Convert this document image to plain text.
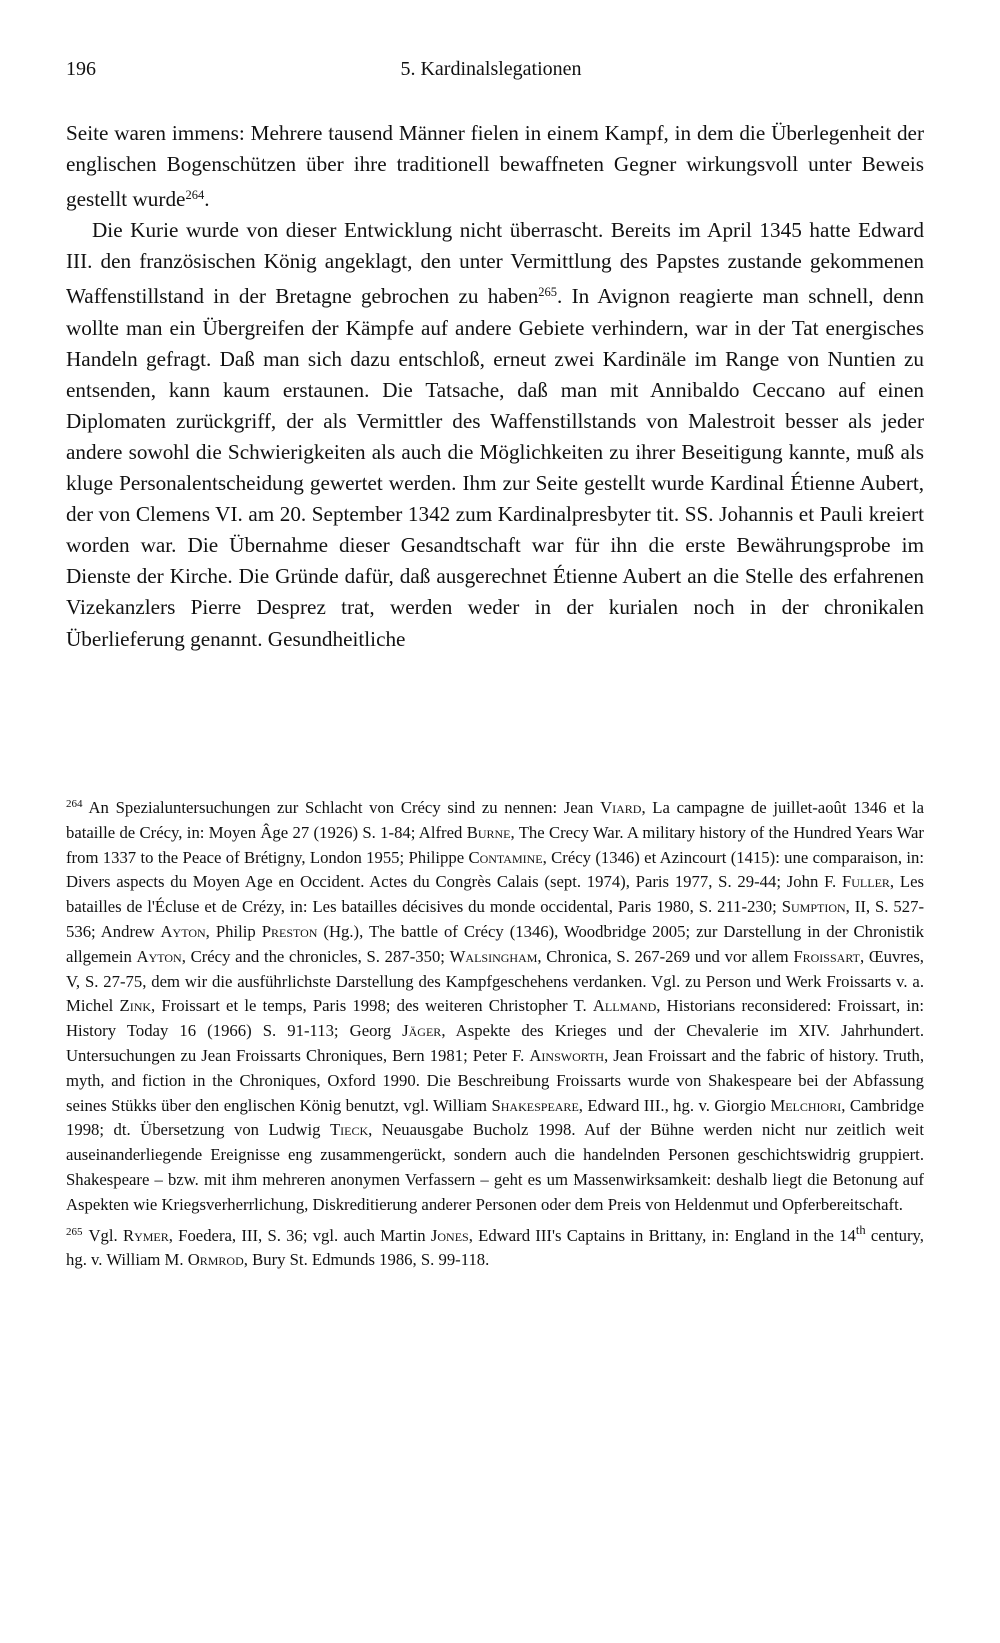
196	5. Kardinalslegationen

Seite waren immens: Mehrere tausend Männer fielen in einem Kampf, in dem die Überlegenheit der englischen Bogenschützen über ihre traditionell bewaffneten Gegner wirkungsvoll unter Beweis gestellt wurde$^{264}$.

Die Kurie wurde von dieser Entwicklung nicht überrascht. Bereits im April 1345 hatte Edward III. den französischen König angeklagt, den unter Vermittlung des Papstes zustande gekommenen Waffenstillstand in der Bretagne gebrochen zu haben$^{265}$. In Avignon reagierte man schnell, denn wollte man ein Übergreifen der Kämpfe auf andere Gebiete verhindern, war in der Tat energisches Handeln gefragt. Daß man sich dazu entschloß, erneut zwei Kardinäle im Range von Nuntien zu entsenden, kann kaum erstaunen. Die Tatsache, daß man mit Annibaldo Ceccano auf einen Diplomaten zurückgriff, der als Vermittler des Waffenstillstands von Malestroit besser als jeder andere sowohl die Schwierigkeiten als auch die Möglichkeiten zu ihrer Beseitigung kannte, muß als kluge Personalentscheidung gewertet werden. Ihm zur Seite gestellt wurde Kardinal Étienne Aubert, der von Clemens VI. am 20. September 1342 zum Kardinalpresbyter tit. SS. Johannis et Pauli kreiert worden war. Die Übernahme dieser Gesandtschaft war für ihn die erste Bewährungsprobe im Dienste der Kirche. Die Gründe dafür, daß ausgerechnet Étienne Aubert an die Stelle des erfahrenen Vizekanzlers Pierre Desprez trat, werden weder in der kurialen noch in der chronikalen Überlieferung genannt. Gesundheitliche

$^{264}$ An Spezialuntersuchungen zur Schlacht von Crécy sind zu nennen: Jean Viard, La campagne de juillet-août 1346 et la bataille de Crécy, in: Moyen Âge 27 (1926) S. 1-84; Alfred Burne, The Crecy War. A military history of the Hundred Years War from 1337 to the Peace of Brétigny, London 1955; Philippe Contamine, Crécy (1346) et Azincourt (1415): une comparaison, in: Divers aspects du Moyen Age en Occident. Actes du Congrès Calais (sept. 1974), Paris 1977, S. 29-44; John F. Fuller, Les batailles de l'Écluse et de Crézy, in: Les batailles décisives du monde occidental, Paris 1980, S. 211-230; Sumption, II, S. 527-536; Andrew Ayton, Philip Preston (Hg.), The battle of Crécy (1346), Woodbridge 2005; zur Darstellung in der Chronistik allgemein Ayton, Crécy and the chronicles, S. 287-350; Walsingham, Chronica, S. 267-269 und vor allem Froissart, Œuvres, V, S. 27-75, dem wir die ausführlichste Darstellung des Kampfgeschehens verdanken. Vgl. zu Person und Werk Froissarts v. a. Michel Zink, Froissart et le temps, Paris 1998; des weiteren Christopher T. Allmand, Historians reconsidered: Froissart, in: History Today 16 (1966) S. 91-113; Georg Jäger, Aspekte des Krieges und der Chevalerie im XIV. Jahrhundert. Untersuchungen zu Jean Froissarts Chroniques, Bern 1981; Peter F. Ainsworth, Jean Froissart and the fabric of history. Truth, myth, and fiction in the Chroniques, Oxford 1990. Die Beschreibung Froissarts wurde von Shakespeare bei der Abfassung seines Stükks über den englischen König benutzt, vgl. William Shakespeare, Edward III., hg. v. Giorgio Melchiori, Cambridge 1998; dt. Übersetzung von Ludwig Tieck, Neuausgabe Bucholz 1998. Auf der Bühne werden nicht nur zeitlich weit auseinanderliegende Ereignisse eng zusammengerückt, sondern auch die handelnden Personen geschichtswidrig gruppiert. Shakespeare – bzw. mit ihm mehreren anonymen Verfassern – geht es um Massenwirksamkeit: deshalb liegt die Betonung auf Aspekten wie Kriegsverherrlichung, Diskreditierung anderer Personen oder dem Preis von Heldenmut und Opferbereitschaft.

$^{265}$ Vgl. Rymer, Foedera, III, S. 36; vgl. auch Martin Jones, Edward III's Captains in Brittany, in: England in the 14th century, hg. v. William M. Ormrod, Bury St. Edmunds 1986, S. 99-118.
